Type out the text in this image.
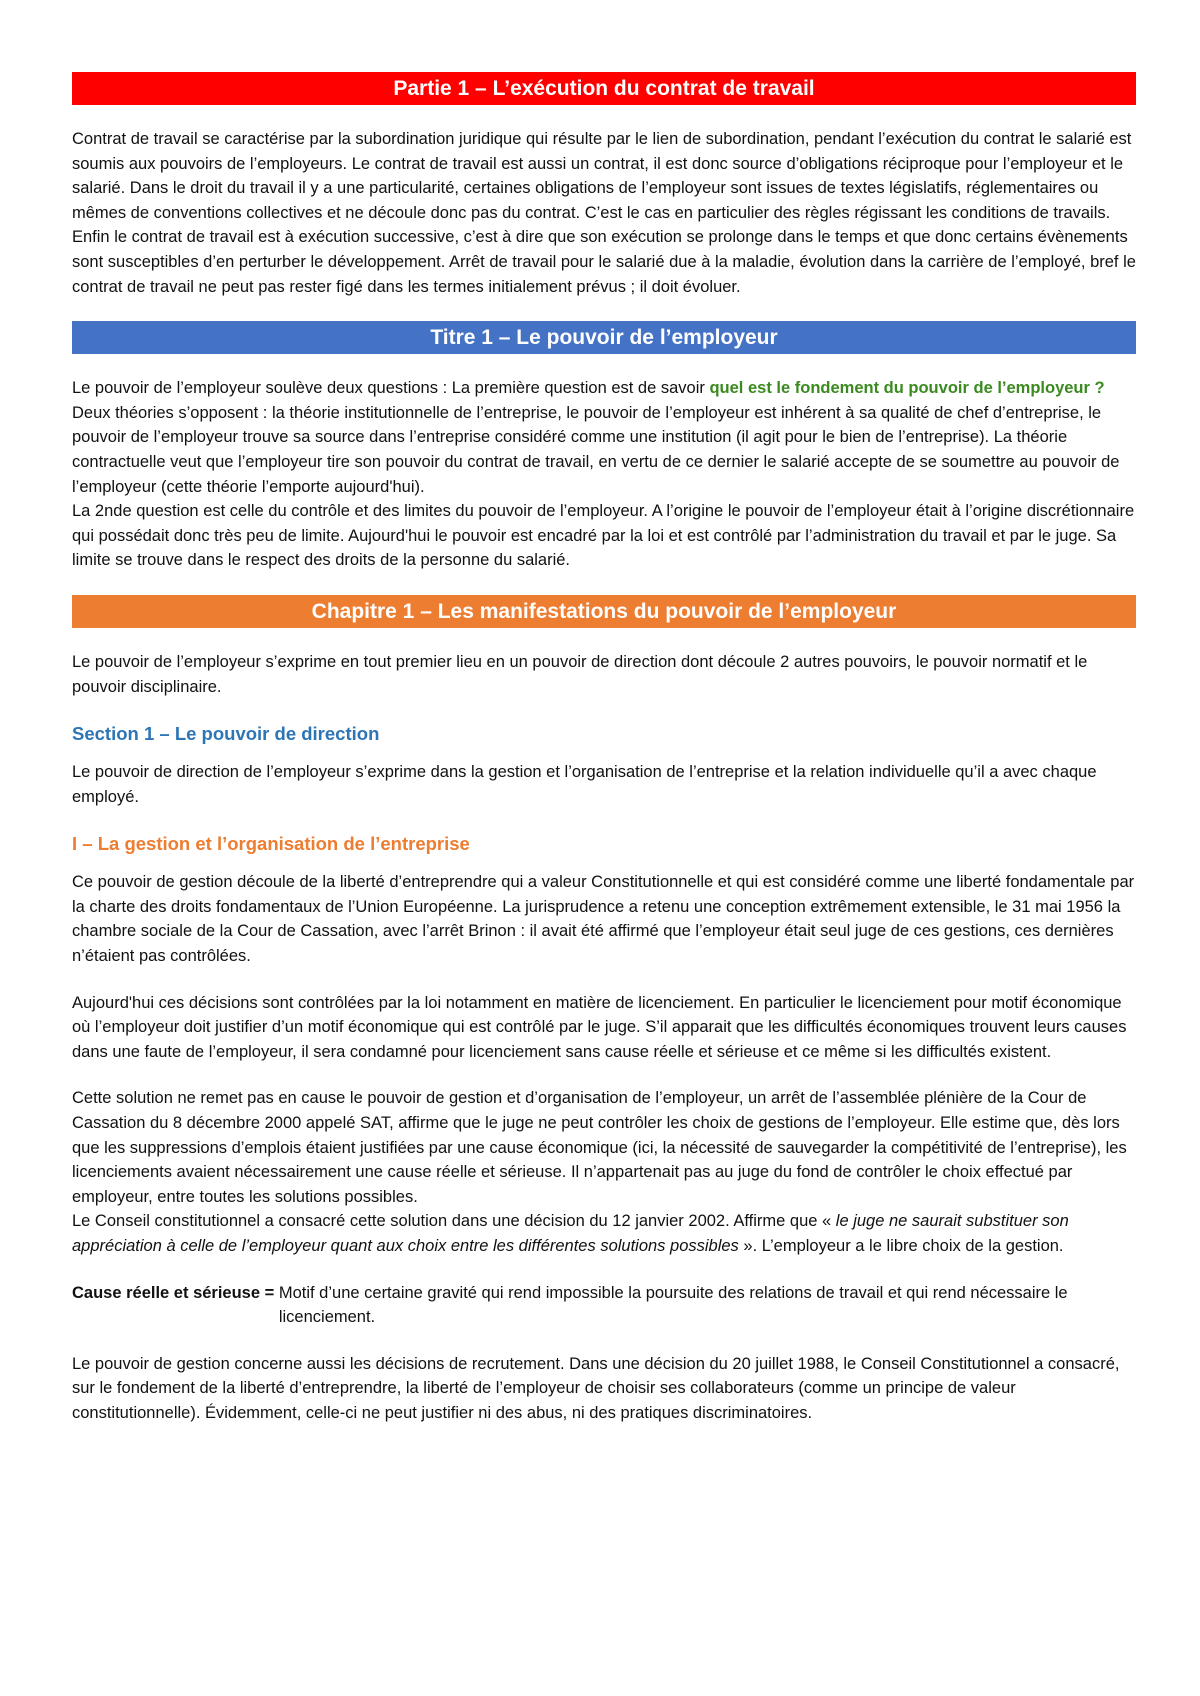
Partie 1 – L’exécution du contrat de travail

Contrat de travail se caractérise par la subordination juridique qui résulte par le lien de subordination, pendant l’exécution du contrat le salarié est soumis aux pouvoirs de l’employeurs. Le contrat de travail est aussi un contrat, il est donc source d’obligations réciproque pour l’employeur et le salarié. Dans le droit du travail il y a une particularité, certaines obligations de l’employeur sont issues de textes législatifs, réglementaires ou mêmes de conventions collectives et ne découle donc pas du contrat. C’est le cas en particulier des règles régissant les conditions de travails. Enfin le contrat de travail est à exécution successive, c’est à dire que son exécution se prolonge dans le temps et que donc certains évènements sont susceptibles d’en perturber le développement. Arrêt de travail pour le salarié due à la maladie, évolution dans la carrière de l’employé, bref le contrat de travail ne peut pas rester figé dans les termes initialement prévus ; il doit évoluer.

Titre 1 – Le pouvoir de l’employeur

Le pouvoir de l’employeur soulève deux questions : La première question est de savoir quel est le fondement du pouvoir de l’employeur ? Deux théories s’opposent : la théorie institutionnelle de l’entreprise, le pouvoir de l’employeur est inhérent à sa qualité de chef d’entreprise, le pouvoir de l’employeur trouve sa source dans l’entreprise considéré comme une institution (il agit pour le bien de l’entreprise). La théorie contractuelle veut que l’employeur tire son pouvoir du contrat de travail, en vertu de ce dernier le salarié accepte de se soumettre au pouvoir de l’employeur (cette théorie l’emporte aujourd'hui).

La 2nde question est celle du contrôle et des limites du pouvoir de l’employeur. A l’origine le pouvoir de l’employeur était à l’origine discrétionnaire qui possédait donc très peu de limite. Aujourd'hui le pouvoir est encadré par la loi et est contrôlé par l’administration du travail et par le juge. Sa limite se trouve dans le respect des droits de la personne du salarié.

Chapitre 1 – Les manifestations du pouvoir de l’employeur

Le pouvoir de l’employeur s’exprime en tout premier lieu en un pouvoir de direction dont découle 2 autres pouvoirs, le pouvoir normatif et le pouvoir disciplinaire.

Section 1 – Le pouvoir de direction

Le pouvoir de direction de l’employeur s’exprime dans la gestion et l’organisation de l’entreprise et la relation individuelle qu’il a avec chaque employé.

I – La gestion et l’organisation de l’entreprise

Ce pouvoir de gestion découle de la liberté d’entreprendre qui a valeur Constitutionnelle et qui est considéré comme une liberté fondamentale par la charte des droits fondamentaux de l’Union Européenne. La jurisprudence a retenu une conception extrêmement extensible, le 31 mai 1956 la chambre sociale de la Cour de Cassation, avec l’arrêt Brinon : il avait été affirmé que l’employeur était seul juge de ces gestions, ces dernières n’étaient pas contrôlées.

Aujourd'hui ces décisions sont contrôlées par la loi notamment en matière de licenciement. En particulier le licenciement pour motif économique où l’employeur doit justifier d’un motif économique qui est contrôlé par le juge. S’il apparait que les difficultés économiques trouvent leurs causes dans une faute de l’employeur, il sera condamné pour licenciement sans cause réelle et sérieuse et ce même si les difficultés existent.

Cette solution ne remet pas en cause le pouvoir de gestion et d’organisation de l’employeur, un arrêt de l’assemblée plénière de la Cour de Cassation du 8 décembre 2000 appelé SAT, affirme que le juge ne peut contrôler les choix de gestions de l’employeur. Elle estime que, dès lors que les suppressions d’emplois étaient justifiées par une cause économique (ici, la nécessité de sauvegarder la compétitivité de l’entreprise), les licenciements avaient nécessairement une cause réelle et sérieuse. Il n’appartenait pas au juge du fond de contrôler le choix effectué par employeur, entre toutes les solutions possibles.

Le Conseil constitutionnel a consacré cette solution dans une décision du 12 janvier 2002. Affirme que « le juge ne saurait substituer son appréciation à celle de l’employeur quant aux choix entre les différentes solutions possibles ». L’employeur a le libre choix de la gestion.

Cause réelle et sérieuse = Motif d’une certaine gravité qui rend impossible la poursuite des relations de travail et qui rend nécessaire le licenciement.

Le pouvoir de gestion concerne aussi les décisions de recrutement. Dans une décision du 20 juillet 1988, le Conseil Constitutionnel a consacré, sur le fondement de la liberté d’entreprendre, la liberté de l’employeur de choisir ses collaborateurs (comme un principe de valeur constitutionnelle). Évidemment, celle-ci ne peut justifier ni des abus, ni des pratiques discriminatoires.
